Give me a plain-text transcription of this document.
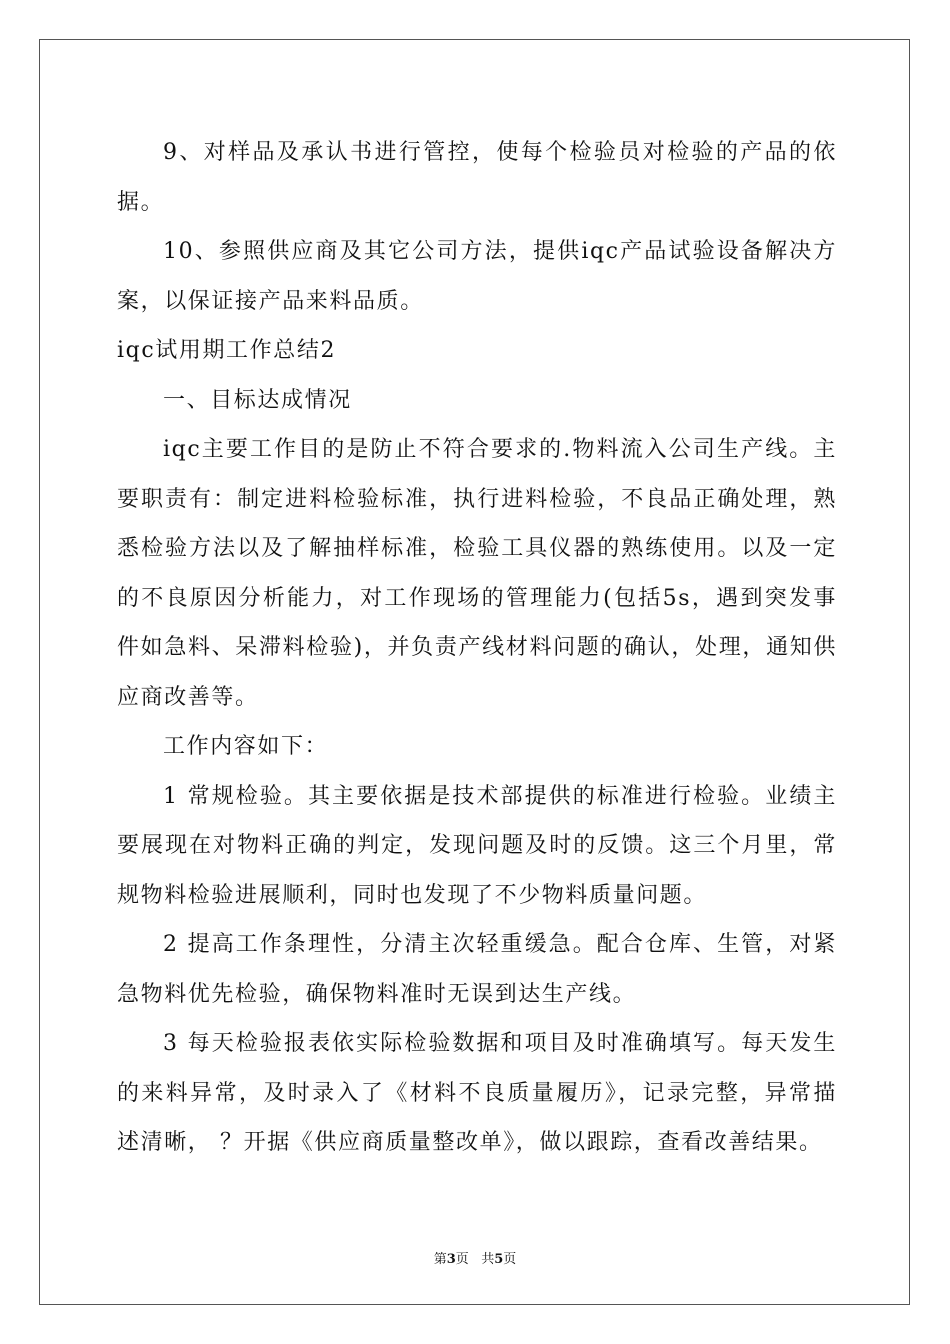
9、对样品及承认书进行管控，使每个检验员对检验的产品的依据。

10、参照供应商及其它公司方法，提供iqc产品试验设备解决方案，以保证接产品来料品质。

iqc试用期工作总结2

一、目标达成情况

iqc主要工作目的是防止不符合要求的.物料流入公司生产线。主要职责有：制定进料检验标准，执行进料检验，不良品正确处理，熟悉检验方法以及了解抽样标准，检验工具仪器的熟练使用。以及一定的不良原因分析能力，对工作现场的管理能力(包括5s，遇到突发事件如急料、呆滞料检验)，并负责产线材料问题的确认，处理，通知供应商改善等。

工作内容如下：

1 常规检验。其主要依据是技术部提供的标准进行检验。业绩主要展现在对物料正确的判定，发现问题及时的反馈。这三个月里，常规物料检验进展顺利，同时也发现了不少物料质量问题。

2 提高工作条理性，分清主次轻重缓急。配合仓库、生管，对紧急物料优先检验，确保物料准时无误到达生产线。

3 每天检验报表依实际检验数据和项目及时准确填写。每天发生的来料异常，及时录入了《材料不良质量履历》，记录完整，异常描述清晰， ？开据《供应商质量整改单》，做以跟踪，查看改善结果。

第3页 共5页
